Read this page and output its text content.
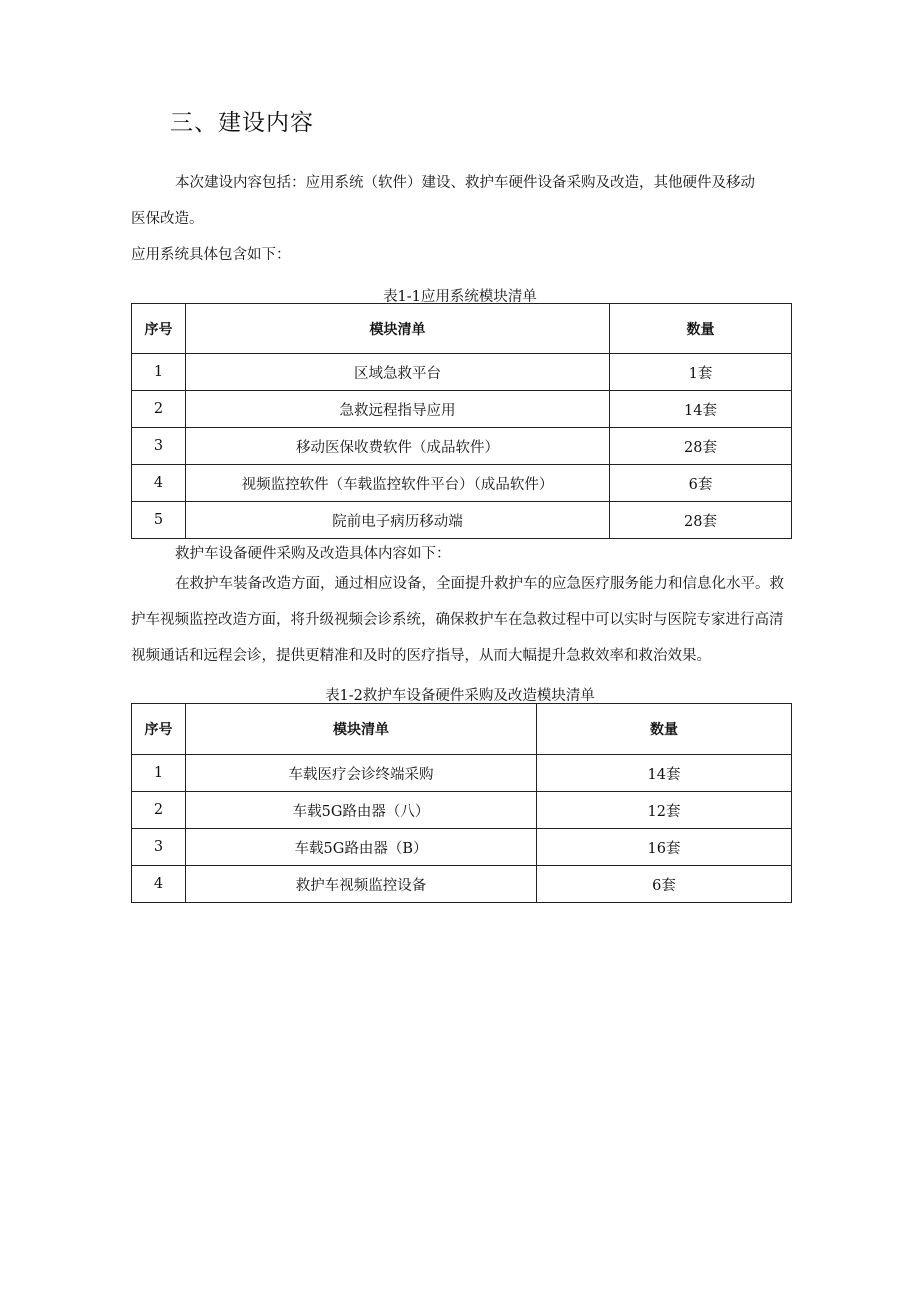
三、建设内容

本次建设内容包括：应用系统（软件）建设、救护车硬件设备采购及改造，其他硬件及移动

医保改造。

应用系统具体包含如下：

表1-1应用系统模块清单
序号	模块清单	数量
1	区域急救平台	1套
2	急救远程指导应用	14套
3	移动医保收费软件（成品软件）	28套
4	视频监控软件（车载监控软件平台）（成品软件）	6套
5	院前电子病历移动端	28套

救护车设备硬件采购及改造具体内容如下：

在救护车装备改造方面，通过相应设备，全面提升救护车的应急医疗服务能力和信息化水平。救护车视频监控改造方面，将升级视频会诊系统，确保救护车在急救过程中可以实时与医院专家进行高清视频通话和远程会诊，提供更精准和及时的医疗指导，从而大幅提升急救效率和救治效果。

表1-2救护车设备硬件采购及改造模块清单
序号	模块清单	数量
1	车载医疗会诊终端采购	14套
2	车载5G路由器（八）	12套
3	车载5G路由器（B）	16套
4	救护车视频监控设备	6套
